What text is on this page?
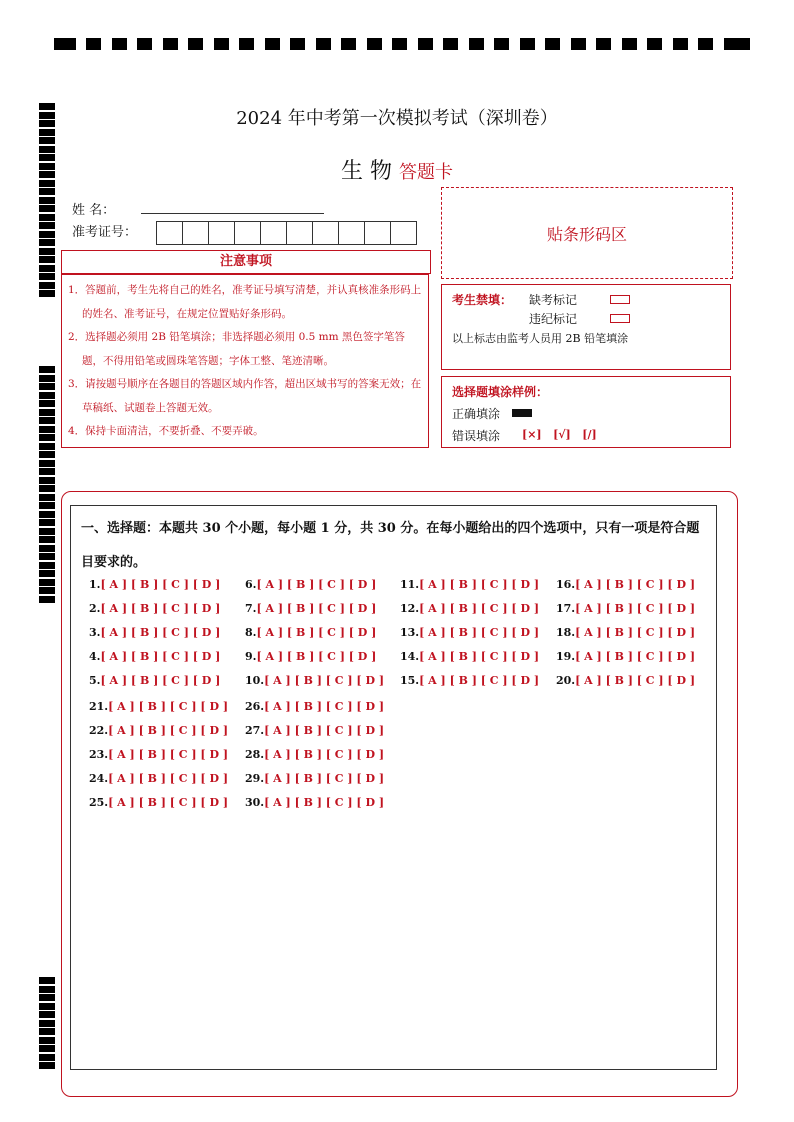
2024 年中考第一次模拟考试（深圳卷）
生 物 答题卡
姓 名：
准考证号：	贴条形码区
注意事项
1．答题前，考生先将自己的姓名，准考证号填写清楚，并认真核准条形码上的姓名、准考证号，在规定位置贴好条形码。
2．选择题必须用 2B 铅笔填涂；非选择题必须用 0.5 mm 黑色签字笔答题，不得用铅笔或圆珠笔答题；字体工整、笔迹清晰。
3．请按题号顺序在各题目的答题区域内作答，超出区域书写的答案无效；在草稿纸、试题卷上答题无效。
4．保持卡面清洁，不要折叠、不要弄破。
考生禁填： 缺考标记
违纪标记
以上标志由监考人员用 2B 铅笔填涂
选择题填涂样例：
正确填涂
错误填涂 [×]   [√]   [/]
一、选择题：本题共 30 个小题，每小题 1 分，共 30 分。在每小题给出的四个选项中，只有一项是符合题目要求的。
1.[ A ] [ B ] [ C ] [ D ]
2.[ A ] [ B ] [ C ] [ D ]
3.[ A ] [ B ] [ C ] [ D ]
4.[ A ] [ B ] [ C ] [ D ]
5.[ A ] [ B ] [ C ] [ D ]
6.[ A ] [ B ] [ C ] [ D ]
7.[ A ] [ B ] [ C ] [ D ]
8.[ A ] [ B ] [ C ] [ D ]
9.[ A ] [ B ] [ C ] [ D ]
10.[ A ] [ B ] [ C ] [ D ]
11.[ A ] [ B ] [ C ] [ D ]
12.[ A ] [ B ] [ C ] [ D ]
13.[ A ] [ B ] [ C ] [ D ]
14.[ A ] [ B ] [ C ] [ D ]
15.[ A ] [ B ] [ C ] [ D ]
16.[ A ] [ B ] [ C ] [ D ]
17.[ A ] [ B ] [ C ] [ D ]
18.[ A ] [ B ] [ C ] [ D ]
19.[ A ] [ B ] [ C ] [ D ]
20.[ A ] [ B ] [ C ] [ D ]
21.[ A ] [ B ] [ C ] [ D ]
22.[ A ] [ B ] [ C ] [ D ]
23.[ A ] [ B ] [ C ] [ D ]
24.[ A ] [ B ] [ C ] [ D ]
25.[ A ] [ B ] [ C ] [ D ]
26.[ A ] [ B ] [ C ] [ D ]
27.[ A ] [ B ] [ C ] [ D ]
28.[ A ] [ B ] [ C ] [ D ]
29.[ A ] [ B ] [ C ] [ D ]
30.[ A ] [ B ] [ C ] [ D ]
